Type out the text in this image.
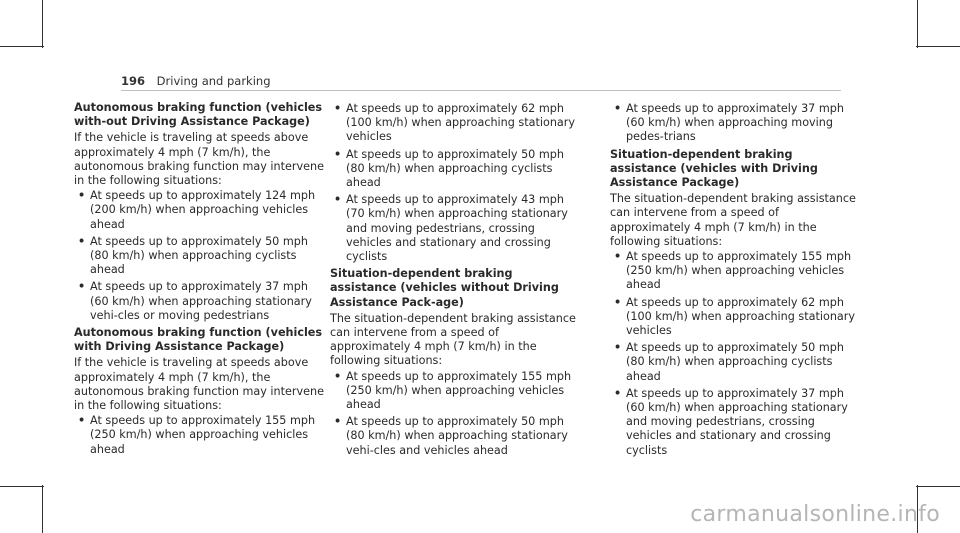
196 Driving and parking

Autonomous braking function (vehicles with-out Driving Assistance Package)

If the vehicle is traveling at speeds above approximately 4 mph (7 km/h), the autonomous braking function may intervene in the following situations:

• At speeds up to approximately 124 mph (200 km/h) when approaching vehicles ahead
• At speeds up to approximately 50 mph (80 km/h) when approaching cyclists ahead
• At speeds up to approximately 37 mph (60 km/h) when approaching stationary vehi-cles or moving pedestrians

Autonomous braking function (vehicles with Driving Assistance Package)

If the vehicle is traveling at speeds above approximately 4 mph (7 km/h), the autonomous braking function may intervene in the following situations:

• At speeds up to approximately 155 mph (250 km/h) when approaching vehicles ahead
• At speeds up to approximately 62 mph (100 km/h) when approaching stationary vehicles
• At speeds up to approximately 50 mph (80 km/h) when approaching cyclists ahead
• At speeds up to approximately 43 mph (70 km/h) when approaching stationary and moving pedestrians, crossing vehicles and stationary and crossing cyclists

Situation-dependent braking assistance (vehicles without Driving Assistance Pack-age)

The situation-dependent braking assistance can intervene from a speed of approximately 4 mph (7 km/h) in the following situations:

• At speeds up to approximately 155 mph (250 km/h) when approaching vehicles ahead
• At speeds up to approximately 50 mph (80 km/h) when approaching stationary vehi-cles and vehicles ahead
• At speeds up to approximately 37 mph (60 km/h) when approaching moving pedes-trians

Situation-dependent braking assistance (vehicles with Driving Assistance Package)

The situation-dependent braking assistance can intervene from a speed of approximately 4 mph (7 km/h) in the following situations:

• At speeds up to approximately 155 mph (250 km/h) when approaching vehicles ahead
• At speeds up to approximately 62 mph (100 km/h) when approaching stationary vehicles
• At speeds up to approximately 50 mph (80 km/h) when approaching cyclists ahead
• At speeds up to approximately 37 mph (60 km/h) when approaching stationary and moving pedestrians, crossing vehicles and stationary and crossing cyclists
carmanualsonline.info
